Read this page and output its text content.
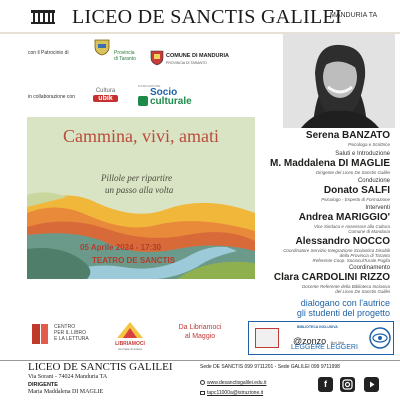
LICEO DE SANCTIS GALILEI
MANDURIA TA
con il Patrocinio di	Provincia
di Taranto	COMUNE DI MANDURIA
PROVINCIA DI TARANTO
in collaborazione con
Cultura
ubik
FONDAZIONE
Socio
culturale
Cammina, vivi, amati
Pillole per ripartire
un passo alla volta
05 Aprile 2024 - 17:30
TEATRO DE SANCTIS
Serena BANZATO
Psicologa e Scrittrice
Saluti e Introduzione
M. Maddalena DI MAGLIE
Dirigente del Liceo De Sanctis Galilei
Conduzione
Donato SALFI
Psicologo - Esperto di Formazione
Interventi
Andrea MARIGGIO'
Vice Sindaco e Assessore alla Cultura
Comune di Manduria
Alessandro NOCCO
Coordinatore Servizio Integrazione Scolastica Disabili
della Provincia di Taranto
Referente Coop. SocioculTurale Puglia
Coordinamento
Clara CARDOLINI RIZZO
Docente Referente della Biblioteca Inclusiva
del Liceo De Sanctis Galilei
dialogano con l'autrice
gli studenti del progetto
CENTRO
PER IL LIBRO
E LA LETTURA
LIBRIAMOCI
Giornate di lettura
Da Libriamoci
al Maggio
BIBLIOTECA INCLUSIVA
@zonzo libri libri
LEGGERE LEGGERI
LICEO DE SANCTIS GALILEI
Via Sorani - 74024 Manduria TA
DIRIGENTE
Maria Maddalena DI MAGLIE
Sede DE SANCTIS 099 9711201 - Sede GALILEI 099 9711998
www.desanctisgalilei.edu.it
tapc11000a@istruzione.it
f
